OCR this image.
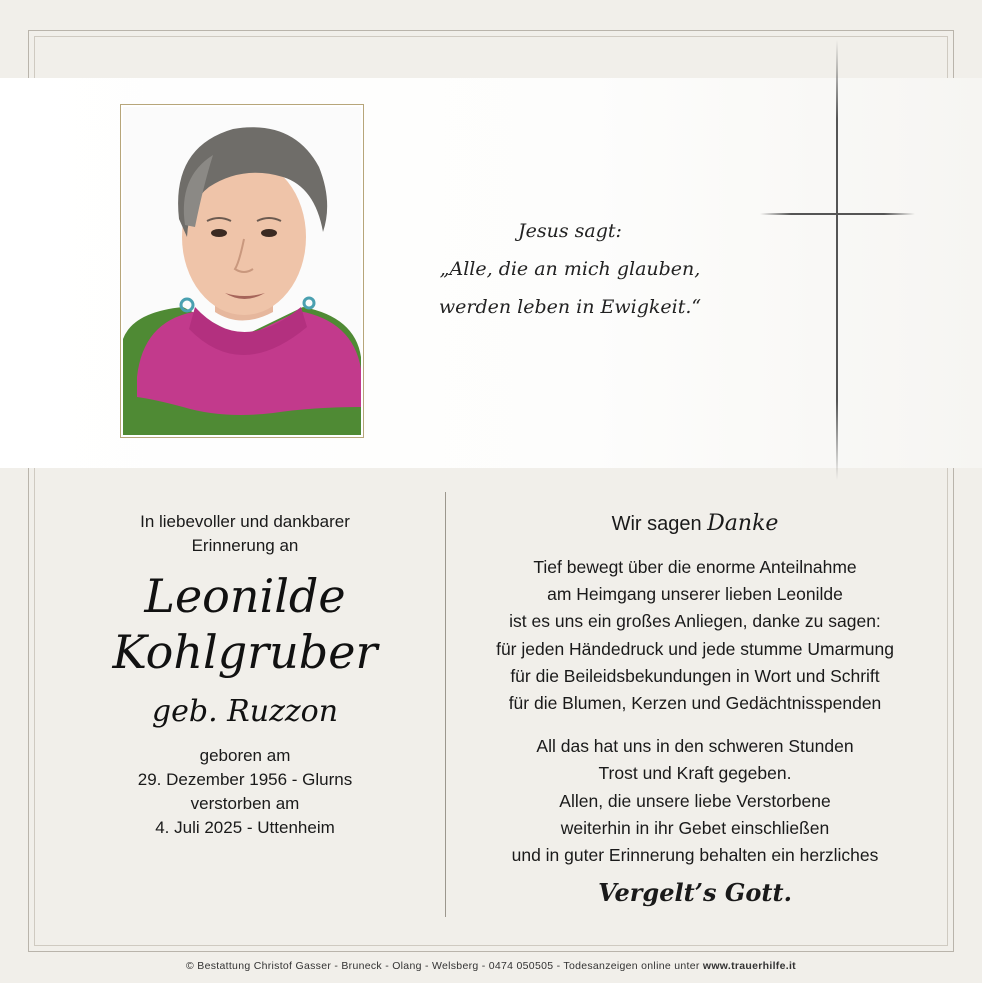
Jesus sagt:
„Alle, die an mich glauben,
werden leben in Ewigkeit.“
In liebevoller und dankbarer
Erinnerung an
Leonilde
Kohlgruber
geb. Ruzzon
geboren am
29. Dezember 1956 - Glurns
verstorben am
4. Juli 2025 - Uttenheim
Wir sagen Danke

Tief bewegt über die enorme Anteilnahme

am Heimgang unserer lieben Leonilde

ist es uns ein großes Anliegen, danke zu sagen:

für jeden Händedruck und jede stumme Umarmung

für die Beileidsbekundungen in Wort und Schrift

für die Blumen, Kerzen und Gedächtnisspenden

All das hat uns in den schweren Stunden

Trost und Kraft gegeben.

Allen, die unsere liebe Verstorbene

weiterhin in ihr Gebet einschließen

und in guter Erinnerung behalten ein herzliches

Vergelt’s Gott.
© Bestattung Christof Gasser - Bruneck - Olang - Welsberg - 0474 050505 - Todesanzeigen online unter www.trauerhilfe.it
